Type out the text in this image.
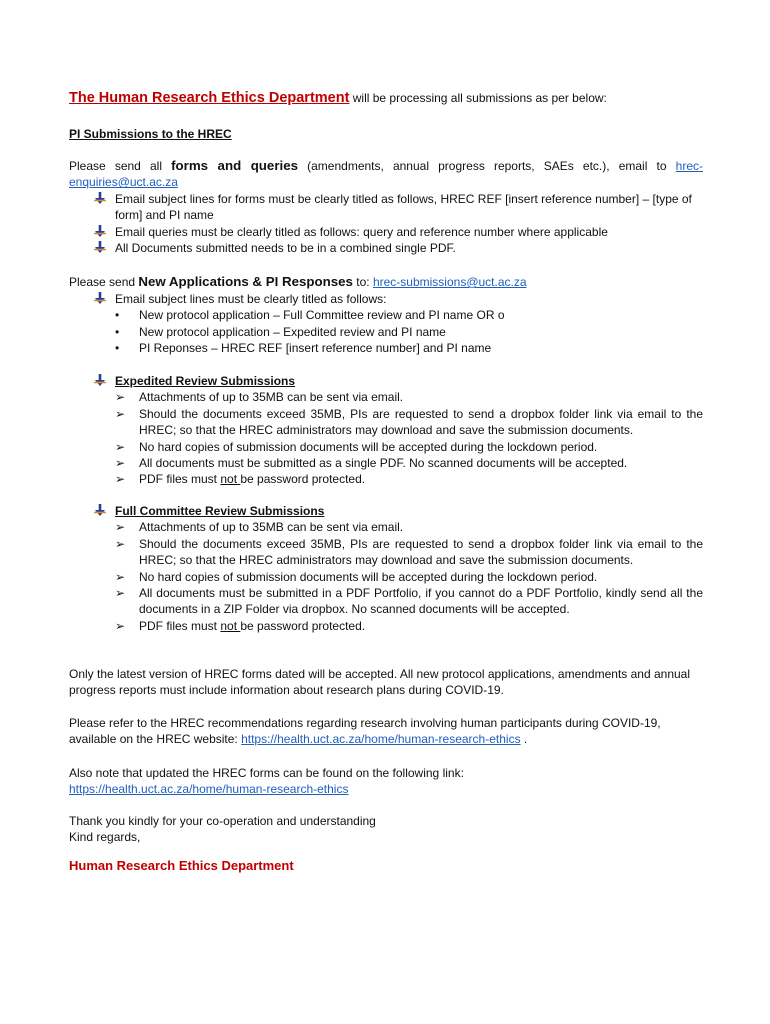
The Human Research Ethics Department will be processing all submissions as per below:
PI Submissions to the HREC
Please send all forms and queries (amendments, annual progress reports, SAEs etc.), email to hrec-enquiries@uct.ac.za
Email subject lines for forms must be clearly titled as follows, HREC REF [insert reference number] – [type of form] and PI name
Email queries must be clearly titled as follows: query and reference number where applicable
All Documents submitted needs to be in a combined single PDF.
Please send New Applications & PI Responses to: hrec-submissions@uct.ac.za
Email subject lines must be clearly titled as follows:
•	New protocol application – Full Committee review and PI name OR o
•	New protocol application – Expedited review and PI name
•	PI Reponses – HREC REF [insert reference number] and PI name
Expedited Review Submissions
➢	Attachments of up to 35MB can be sent via email.
➢	Should the documents exceed 35MB, PIs are requested to send a dropbox folder link via email to the HREC; so that the HREC administrators may download and save the submission documents.
➢	No hard copies of submission documents will be accepted during the lockdown period.
➢	All documents must be submitted as a single PDF. No scanned documents will be accepted.
➢	PDF files must not be password protected.
Full Committee Review Submissions
➢	Attachments of up to 35MB can be sent via email.
➢	Should the documents exceed 35MB, PIs are requested to send a dropbox folder link via email to the HREC; so that the HREC administrators may download and save the submission documents.
➢	No hard copies of submission documents will be accepted during the lockdown period.
➢	All documents must be submitted in a PDF Portfolio, if you cannot do a PDF Portfolio, kindly send all the documents in a ZIP Folder via dropbox. No scanned documents will be accepted.
➢	PDF files must not be password protected.

Only the latest version of HREC forms dated will be accepted. All new protocol applications, amendments and annual progress reports must include information about research plans during COVID-19.

Please refer to the HREC recommendations regarding research involving human participants during COVID-19, available on the HREC website: https://health.uct.ac.za/home/human-research-ethics .

Also note that updated the HREC forms can be found on the following link:

https://health.uct.ac.za/home/human-research-ethics

Thank you kindly for your co-operation and understanding

Kind regards,

Human Research Ethics Department
